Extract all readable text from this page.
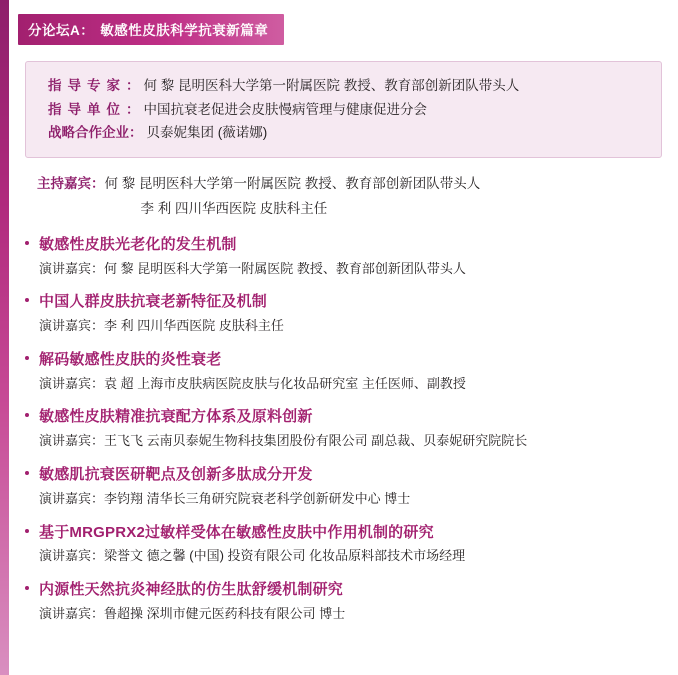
分论坛A： 敏感性皮肤科学抗衰新篇章
指导专家 ： 何 黎 昆明医科大学第一附属医院 教授、教育部创新团队带头人
指导单位 ： 中国抗衰老促进会皮肤慢病管理与健康促进分会
战略合作企业 ： 贝泰妮集团 (薇诺娜)
主持嘉宾： 何 黎 昆明医科大学第一附属医院 教授、教育部创新团队带头人
李 利 四川华西医院 皮肤科主任
敏感性皮肤光老化的发生机制
演讲嘉宾：何 黎 昆明医科大学第一附属医院 教授、教育部创新团队带头人
中国人群皮肤抗衰老新特征及机制
演讲嘉宾：李 利 四川华西医院 皮肤科主任
解码敏感性皮肤的炎性衰老
演讲嘉宾：袁 超 上海市皮肤病医院皮肤与化妆品研究室 主任医师、副教授
敏感性皮肤精准抗衰配方体系及原料创新
演讲嘉宾：王飞飞 云南贝泰妮生物科技集团股份有限公司 副总裁、贝泰妮研究院院长
敏感肌抗衰医研靶点及创新多肽成分开发
演讲嘉宾：李钧翔 清华长三角研究院衰老科学创新研发中心 博士
基于MRGPRX2过敏样受体在敏感性皮肤中作用机制的研究
演讲嘉宾：梁誉文 德之馨 (中国) 投资有限公司 化妆品原料部技术市场经理
内源性天然抗炎神经肽的仿生肽舒缓机制研究
演讲嘉宾：鲁超操 深圳市健元医药科技有限公司 博士
